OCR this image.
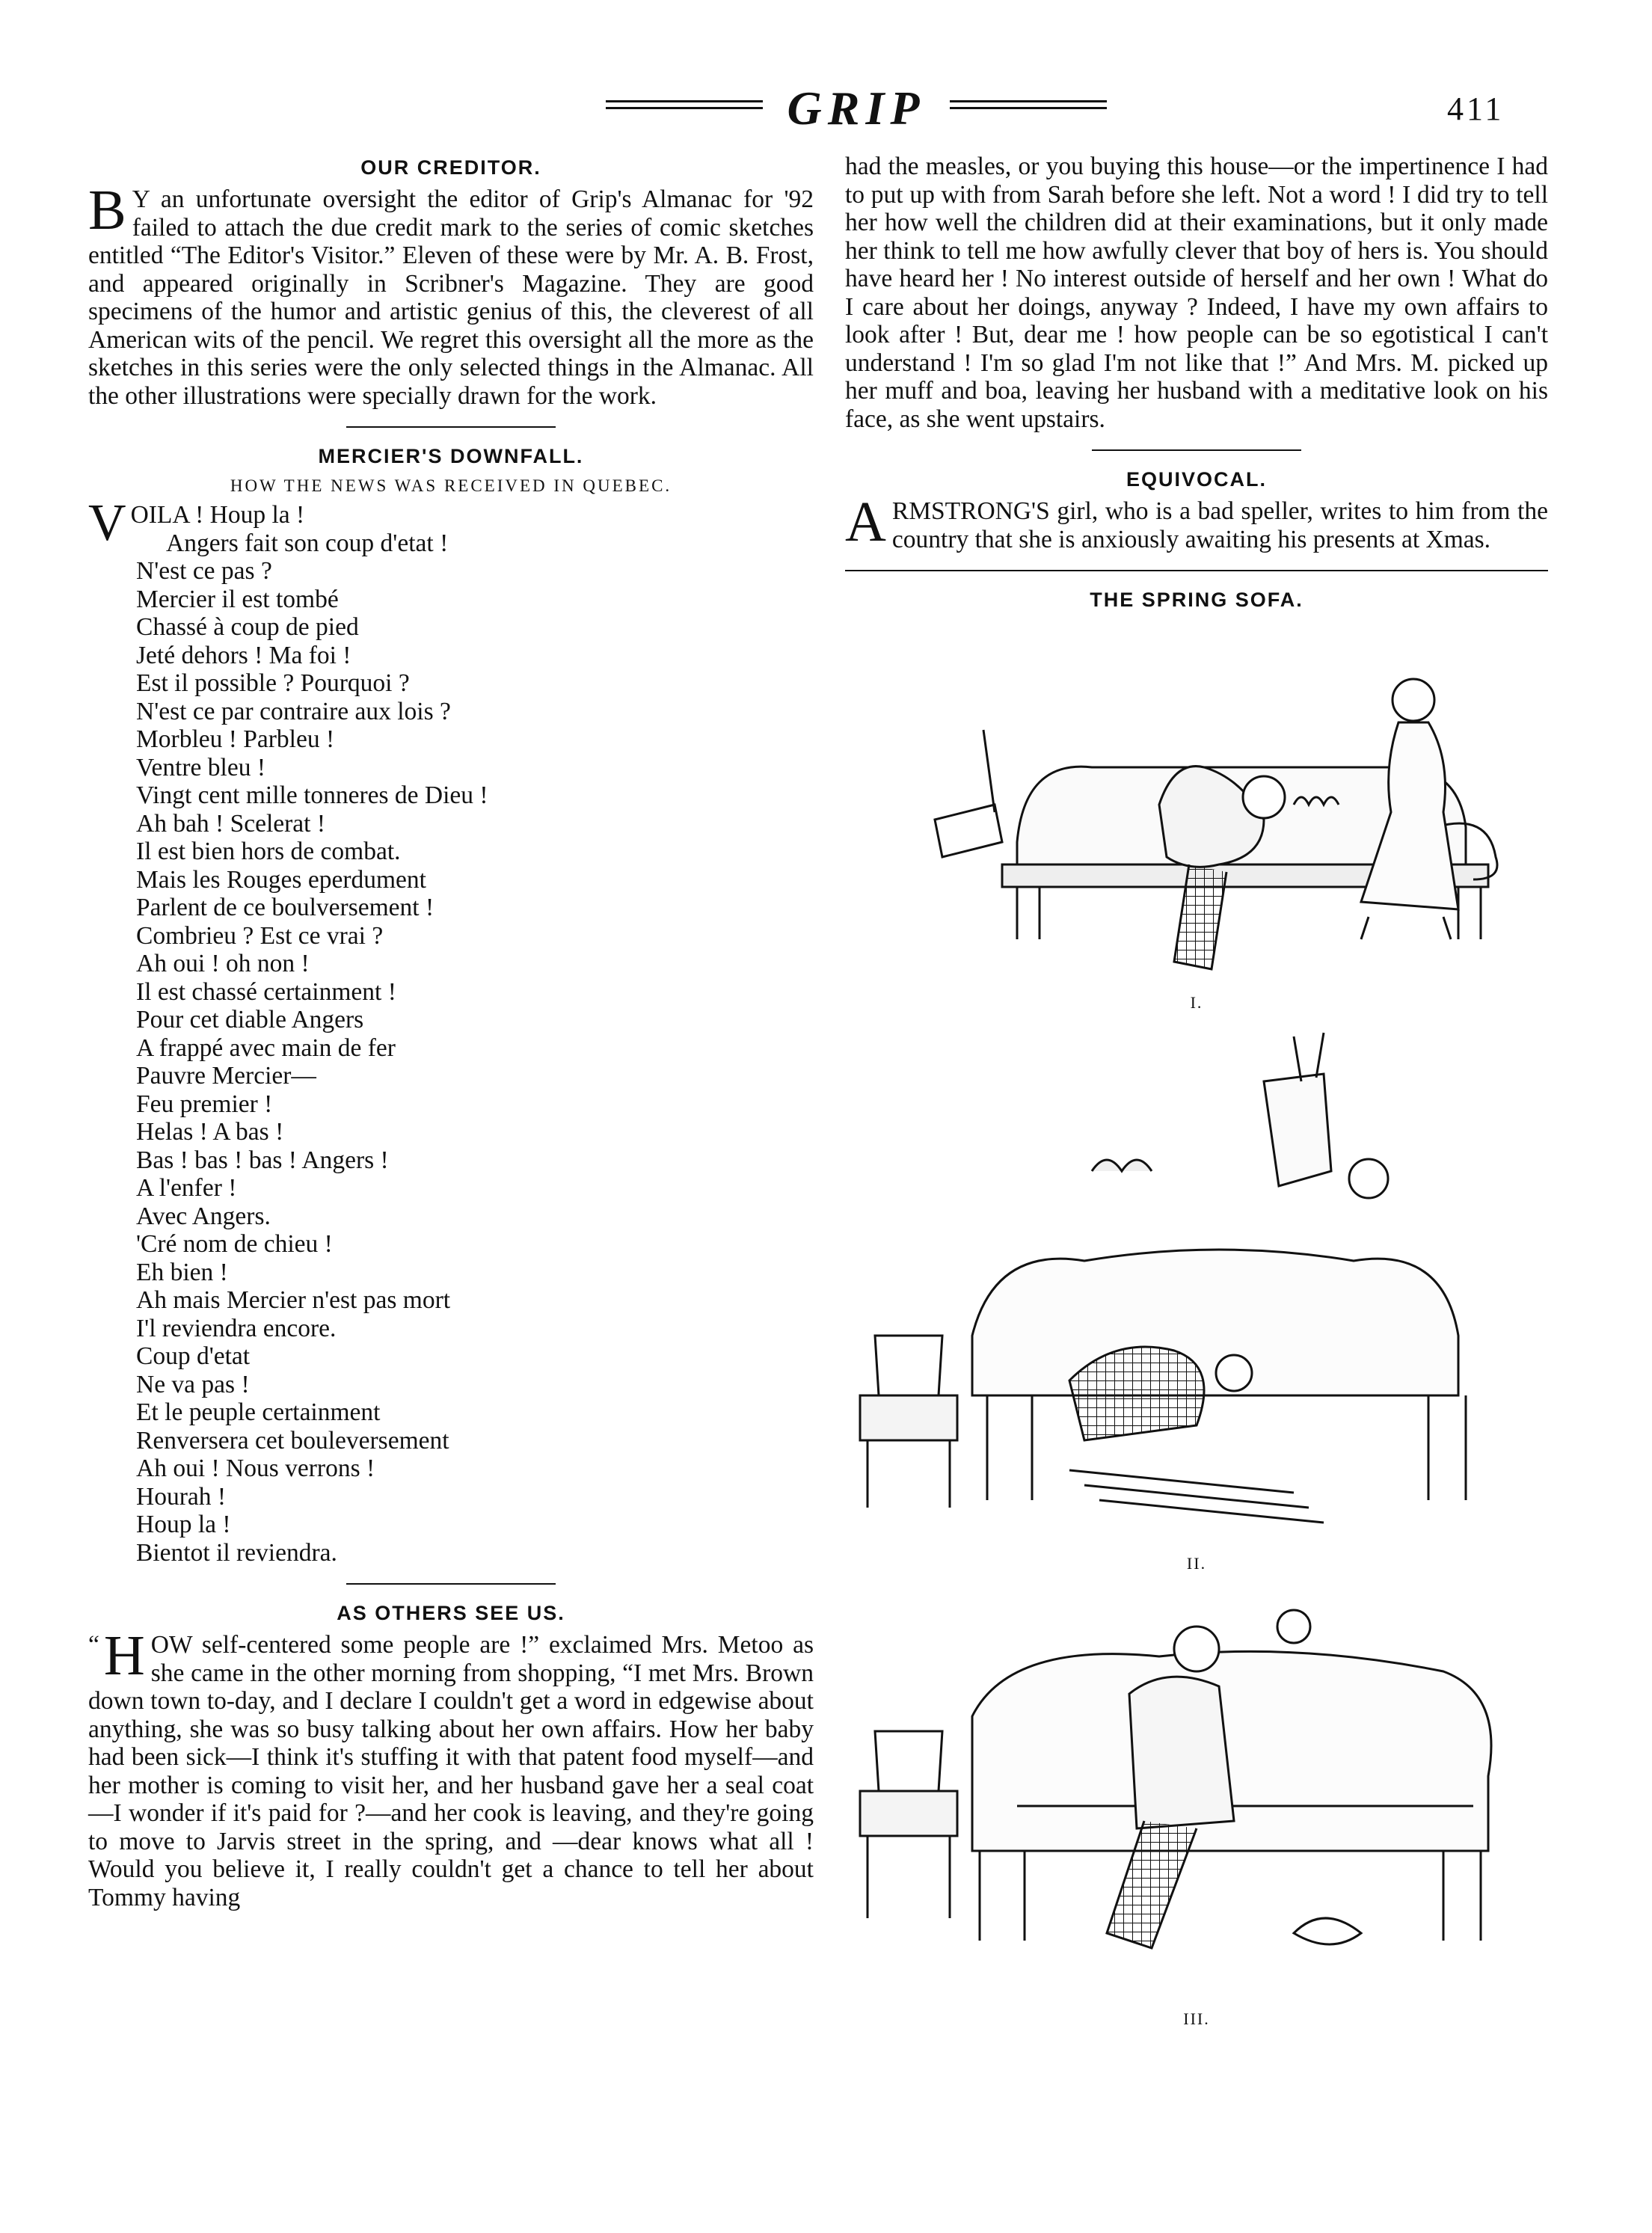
GRIP	411
OUR CREDITOR.

B Y an unfortunate oversight the editor of Grip's Almanac for '92 failed to attach the due credit mark to the series of comic sketches entitled “The Editor's Visitor.” Eleven of these were by Mr. A. B. Frost, and appeared originally in Scribner's Magazine. They are good specimens of the humor and artistic genius of this, the cleverest of all American wits of the pencil. We regret this oversight all the more as the sketches in this series were the only selected things in the Almanac. All the other illustrations were specially drawn for the work.

MERCIER'S DOWNFALL.
HOW THE NEWS WAS RECEIVED IN QUEBEC.
VOILA ! Houp la !
Angers fait son coup d'etat !
N'est ce pas ?
Mercier il est tombé
Chassé à coup de pied
Jeté dehors ! Ma foi !
Est il possible ? Pourquoi ?
N'est ce par contraire aux lois ?
Morbleu ! Parbleu !
Ventre bleu !
Vingt cent mille tonneres de Dieu !
Ah bah ! Scelerat !
Il est bien hors de combat.
Mais les Rouges eperdument
Parlent de ce boulversement !
Combrieu ? Est ce vrai ?
Ah oui ! oh non !
Il est chassé certainment !
Pour cet diable Angers
A frappé avec main de fer
Pauvre Mercier—
Feu premier !
Helas ! A bas !
Bas ! bas ! bas ! Angers !
A l'enfer !
Avec Angers.
'Cré nom de chieu !
Eh bien !
Ah mais Mercier n'est pas mort
I'l reviendra encore.
Coup d'etat
Ne va pas !
Et le peuple certainment
Renversera cet bouleversement
Ah oui ! Nous verrons !
Hourah !
Houp la !
Bientot il reviendra.
AS OTHERS SEE US.

“ H OW self-centered some people are !” exclaimed Mrs. Metoo as she came in the other morning from shopping, “I met Mrs. Brown down town to-day, and I declare I couldn't get a word in edgewise about anything, she was so busy talking about her own affairs. How her baby had been sick—I think it's stuffing it with that patent food myself—and her mother is coming to visit her, and her husband gave her a seal coat—I wonder if it's paid for ?—and her cook is leaving, and they're going to move to Jarvis street in the spring, and —dear knows what all ! Would you believe it, I really couldn't get a chance to tell her about Tommy having

had the measles, or you buying this house—or the impertinence I had to put up with from Sarah before she left. Not a word ! I did try to tell her how well the children did at their examinations, but it only made her think to tell me how awfully clever that boy of hers is. You should have heard her ! No interest outside of herself and her own ! What do I care about her doings, anyway ? Indeed, I have my own affairs to look after ! But, dear me ! how people can be so egotistical I can't understand ! I'm so glad I'm not like that !” And Mrs. M. picked up her muff and boa, leaving her husband with a meditative look on his face, as she went upstairs.

EQUIVOCAL.

ARMSTRONG'S girl, who is a bad speller, writes to him from the country that she is anxiously awaiting his presents at Xmas.

THE SPRING SOFA.
I.
II.
III.
